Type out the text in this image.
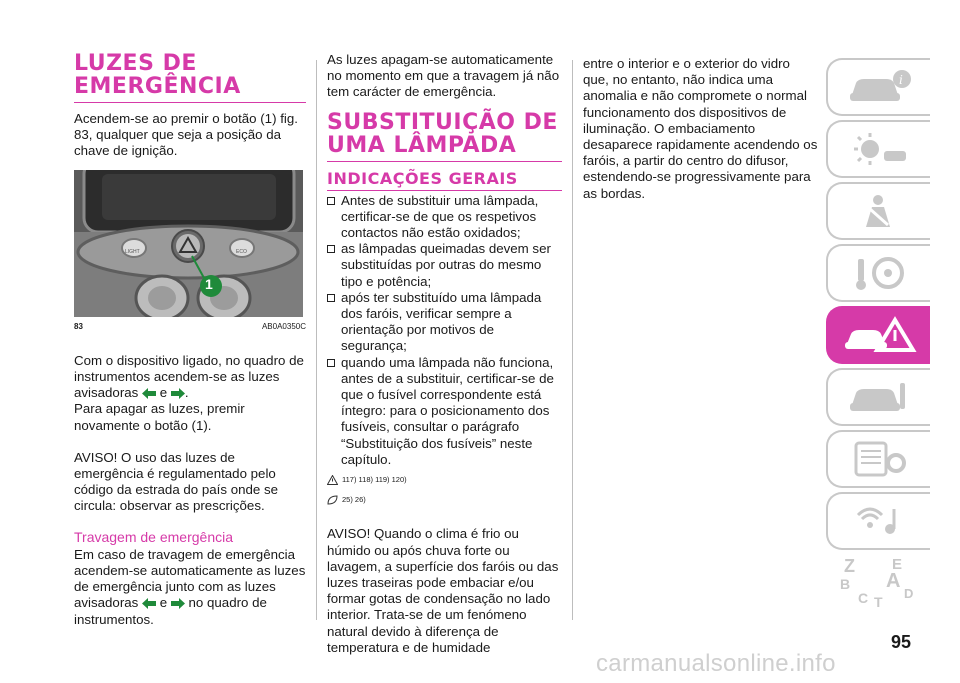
LUZES DE EMERGÊNCIA

Acendem-se ao premir o botão (1) fig. 83, qualquer que seja a posição da chave de ignição.

1
LIGHT	ECO
83	AB0A0350C

Com o dispositivo ligado, no quadro de instrumentos acendem-se as luzes avisadoras e .

Para apagar as luzes, premir novamente o botão (1).

AVISO! O uso das luzes de emergência é regulamentado pelo código da estrada do país onde se circula: observar as prescrições.

Travagem de emergência

Em caso de travagem de emergência acendem-se automaticamente as luzes de emergência junto com as luzes avisadoras e no quadro de instrumentos.

As luzes apagam-se automaticamente no momento em que a travagem já não tem carácter de emergência.

SUBSTITUIÇÃO DE UMA LÂMPADA
INDICAÇÕES GERAIS
Antes de substituir uma lâmpada, certificar-se de que os respetivos contactos não estão oxidados;
as lâmpadas queimadas devem ser substituídas por outras do mesmo tipo e potência;
após ter substituído uma lâmpada dos faróis, verificar sempre a orientação por motivos de segurança;
quando uma lâmpada não funciona, antes de a substituir, certificar-se de que o fusível correspondente está íntegro: para o posicionamento dos fusíveis, consultar o parágrafo “Substituição dos fusíveis” neste capítulo.
117) 118) 119) 120)
25) 26)

AVISO! Quando o clima é frio ou húmido ou após chuva forte ou lavagem, a superfície dos faróis ou das luzes traseiras pode embaciar e/ou formar gotas de condensação no lado interior. Trata-se de um fenómeno natural devido à diferença de temperatura e de humidade

entre o interior e o exterior do vidro que, no entanto, não indica uma anomalia e não compromete o normal funcionamento dos dispositivos de iluminação. O embaciamento desaparece rapidamente acendendo os faróis, a partir do centro do difusor, estendendo-se progressivamente para as bordas.

i
Z E
B A
C T
D
95
carmanualsonline.info
